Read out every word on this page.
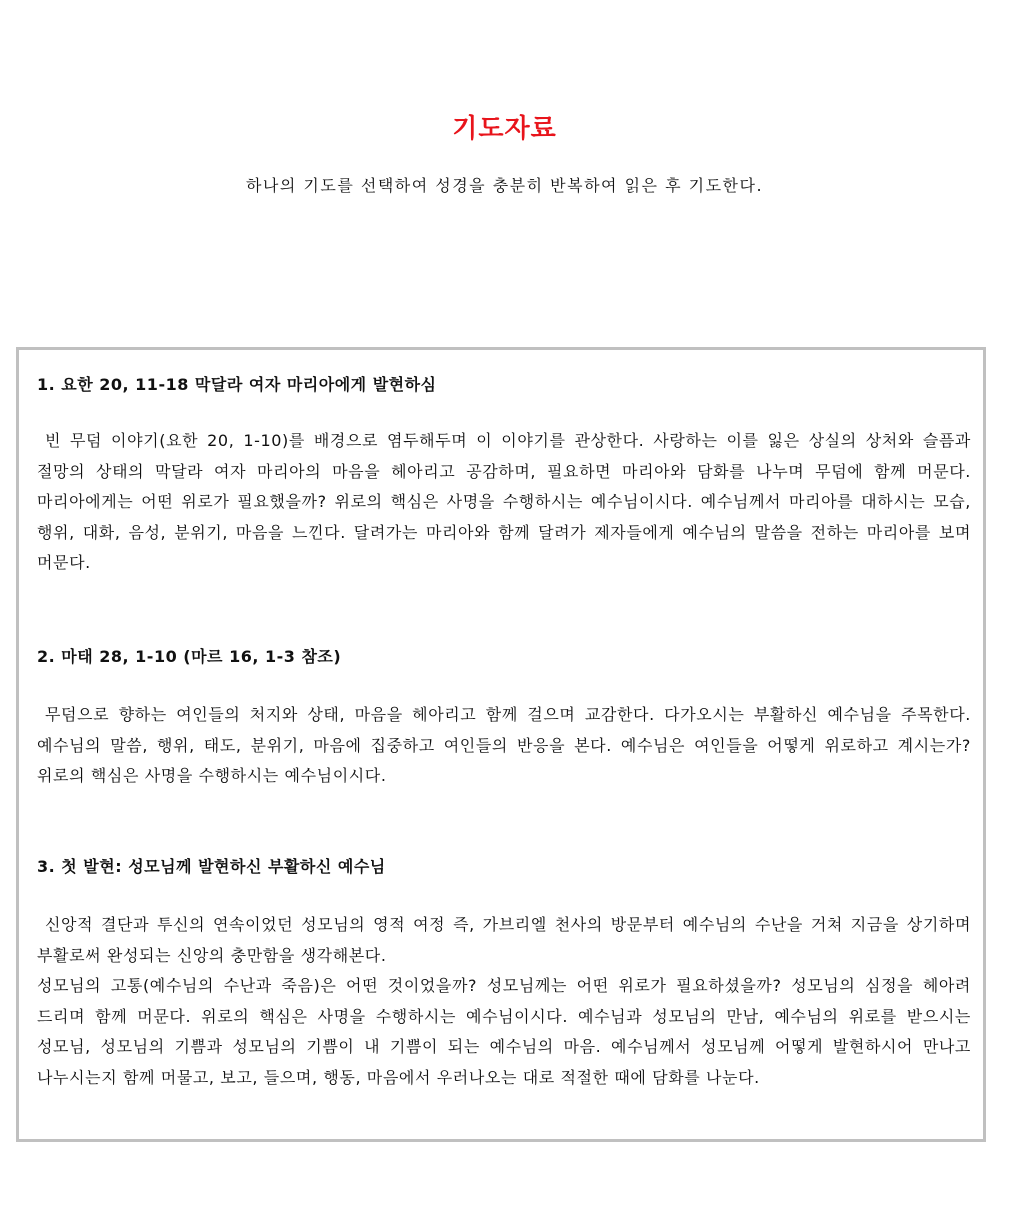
기도자료
하나의 기도를 선택하여 성경을 충분히 반복하여 읽은 후 기도한다.
1. 요한 20, 11-18 막달라 여자 마리아에게 발현하심

빈 무덤 이야기(요한 20, 1-10)를 배경으로 염두해두며 이 이야기를 관상한다. 사랑하는 이를 잃은 상실의 상처와 슬픔과 절망의 상태의 막달라 여자 마리아의 마음을 헤아리고 공감하며, 필요하면 마리아와 담화를 나누며 무덤에 함께 머문다. 마리아에게는 어떤 위로가 필요했을까? 위로의 핵심은 사명을 수행하시는 예수님이시다. 예수님께서 마리아를 대하시는 모습, 행위, 대화, 음성, 분위기, 마음을 느낀다. 달려가는 마리아와 함께 달려가 제자들에게 예수님의 말씀을 전하는 마리아를 보며 머문다.

2. 마태 28, 1-10 (마르 16, 1-3 참조)

무덤으로 향하는 여인들의 처지와 상태, 마음을 헤아리고 함께 걸으며 교감한다. 다가오시는 부활하신 예수님을 주목한다. 예수님의 말씀, 행위, 태도, 분위기, 마음에 집중하고 여인들의 반응을 본다. 예수님은 여인들을 어떻게 위로하고 계시는가? 위로의 핵심은 사명을 수행하시는 예수님이시다.

3. 첫 발현: 성모님께 발현하신 부활하신 예수님

신앙적 결단과 투신의 연속이었던 성모님의 영적 여정 즉, 가브리엘 천사의 방문부터 예수님의 수난을 거쳐 지금을 상기하며 부활로써 완성되는 신앙의 충만함을 생각해본다.

성모님의 고통(예수님의 수난과 죽음)은 어떤 것이었을까? 성모님께는 어떤 위로가 필요하셨을까? 성모님의 심정을 헤아려 드리며 함께 머문다. 위로의 핵심은 사명을 수행하시는 예수님이시다. 예수님과 성모님의 만남, 예수님의 위로를 받으시는 성모님, 성모님의 기쁨과 성모님의 기쁨이 내 기쁨이 되는 예수님의 마음. 예수님께서 성모님께 어떻게 발현하시어 만나고 나누시는지 함께 머물고, 보고, 들으며, 행동, 마음에서 우러나오는 대로 적절한 때에 담화를 나눈다.
